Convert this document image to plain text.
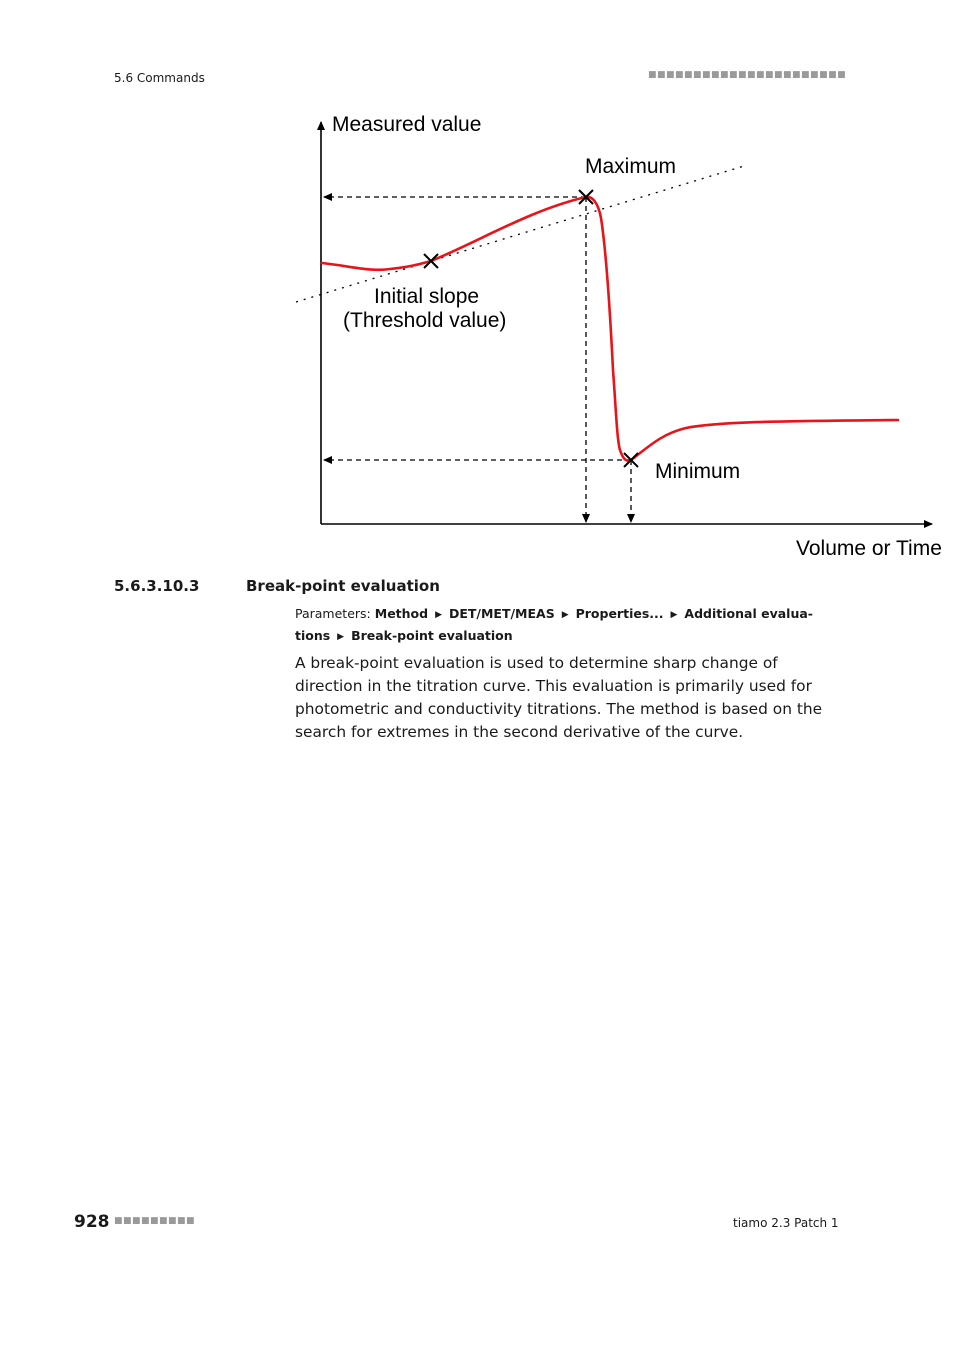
5.6 Commands	■■■■■■■■■■■■■■■■■■■■■■
Measured value
Maximum
Initial slope
(Threshold value)
Minimum
Volume or Time
5.6.3.10.3	Break-point evaluation
Parameters: Method ▶ DET/MET/MEAS ▶ Properties... ▶ Additional evalua-
tions ▶ Break-point evaluation
A break-point evaluation is used to determine sharp change of direction in the titration curve. This evaluation is primarily used for photometric and conductivity titrations. The method is based on the search for extremes in the second derivative of the curve.
928 ■■■■■■■■■	tiamo 2.3 Patch 1
